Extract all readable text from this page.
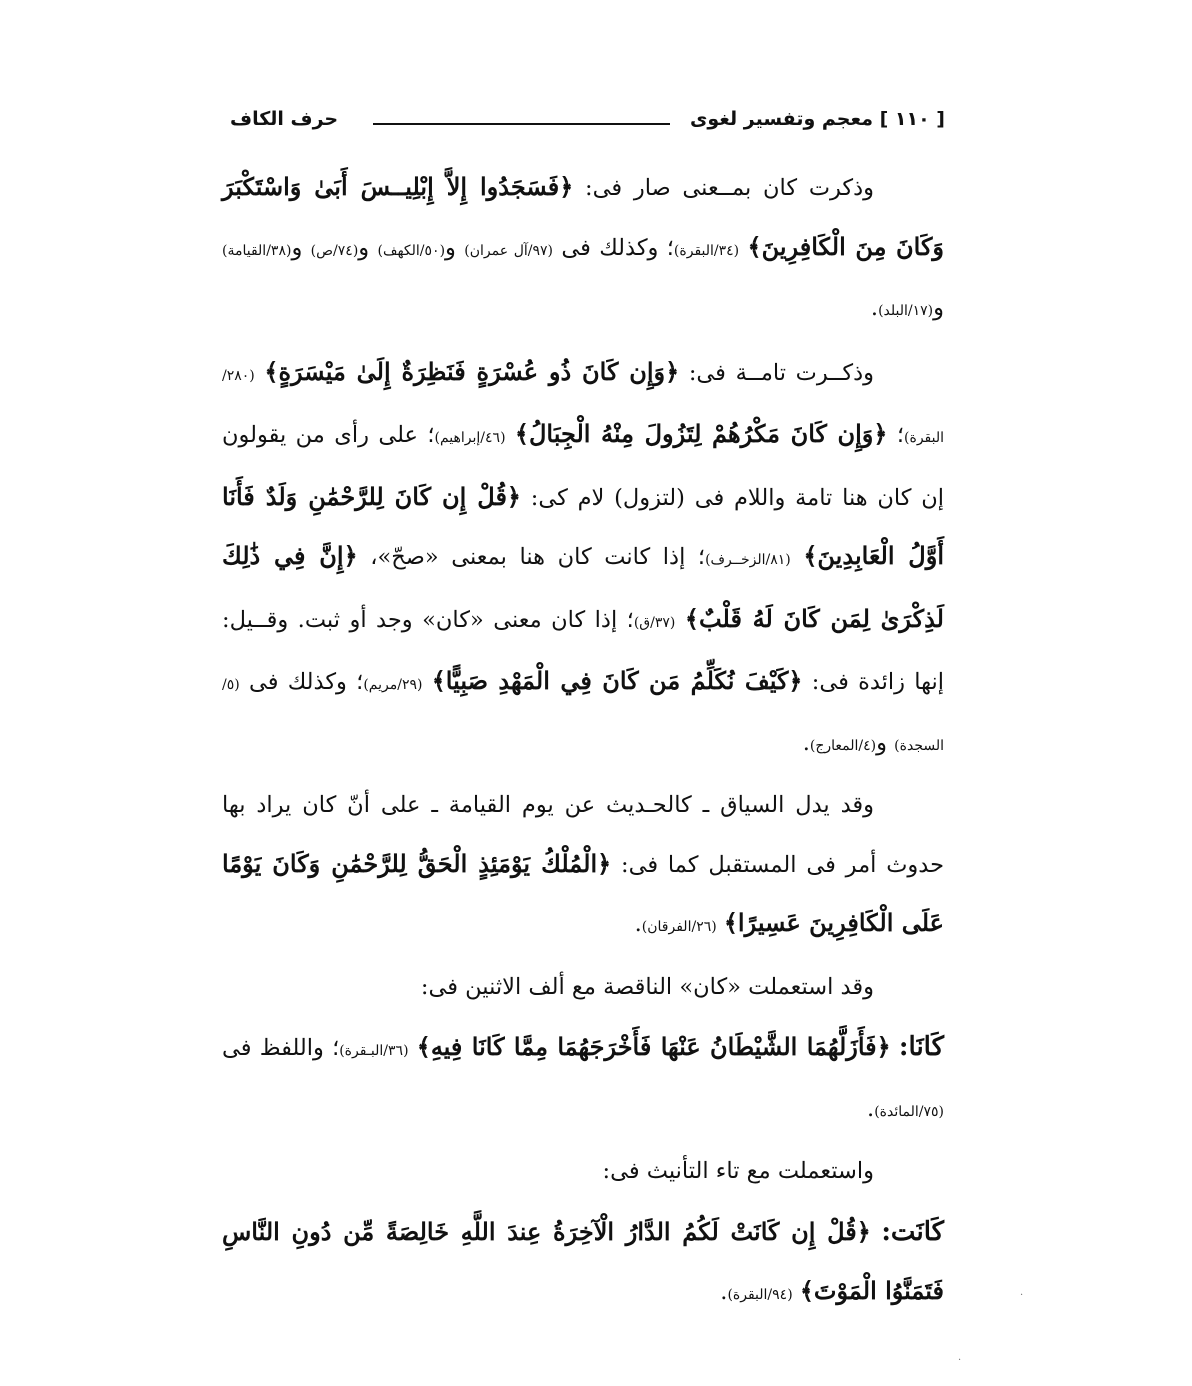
[ ١١٠ ] معجم وتفسير لغوى
حرف الكاف

وذكرت كان بمــعنى صار فى: ﴿فَسَجَدُوا إِلاَّ إِبْلِيــسَ أَبَىٰ وَاسْتَكْبَرَ وَكَانَ مِنَ الْكَافِرِينَ﴾ (٣٤/البقرة)؛ وكذلك فى (٩٧/آل عمران) و(٥٠/الكهف) و(٧٤/ص) و(٣٨/القيامة) و(١٧/البلد).

وذكــرت تامــة فى: ﴿وَإِن كَانَ ذُو عُسْرَةٍ فَنَظِرَةٌ إِلَىٰ مَيْسَرَةٍ﴾ (٢٨٠/البقرة)؛ ﴿وَإِن كَانَ مَكْرُهُمْ لِتَزُولَ مِنْهُ الْجِبَالُ﴾ (٤٦/إبراهيم)؛ على رأى من يقولون إن كان هنا تامة واللام فى (لتزول) لام كى: ﴿قُلْ إِن كَانَ لِلرَّحْمَٰنِ وَلَدٌ فَأَنَا أَوَّلُ الْعَابِدِينَ﴾ (٨١/الزخــرف)؛ إذا كانت كان هنا بمعنى «صحّ»، ﴿إِنَّ فِي ذَٰلِكَ لَذِكْرَىٰ لِمَن كَانَ لَهُ قَلْبٌ﴾ (٣٧/ق)؛ إذا كان معنى «كان» وجد أو ثبت. وقــيل: إنها زائدة فى: ﴿كَيْفَ نُكَلِّمُ مَن كَانَ فِي الْمَهْدِ صَبِيًّا﴾ (٢٩/مريم)؛ وكذلك فى (٥/السجدة) و(٤/المعارج).

وقد يدل السياق ـ كالحـديث عن يوم القيامة ـ على أنّ كان يراد بها حدوث أمر فى المستقبل كما فى: ﴿الْمُلْكُ يَوْمَئِذٍ الْحَقُّ لِلرَّحْمَٰنِ وَكَانَ يَوْمًا عَلَى الْكَافِرِينَ عَسِيرًا﴾ (٢٦/الفرقان).

وقد استعملت «كان» الناقصة مع ألف الاثنين فى:

كَانَا: ﴿فَأَزَلَّهُمَا الشَّيْطَانُ عَنْهَا فَأَخْرَجَهُمَا مِمَّا كَانَا فِيهِ﴾ (٣٦/البـقرة)؛ واللفظ فى (٧٥/المائدة).

واستعملت مع تاء التأنيث فى:

كَانَت: ﴿قُلْ إِن كَانَتْ لَكُمُ الدَّارُ الْآخِرَةُ عِندَ اللَّهِ خَالِصَةً مِّن دُونِ النَّاسِ فَتَمَنَّوُا الْمَوْتَ﴾ (٩٤/البقرة).

·
·
